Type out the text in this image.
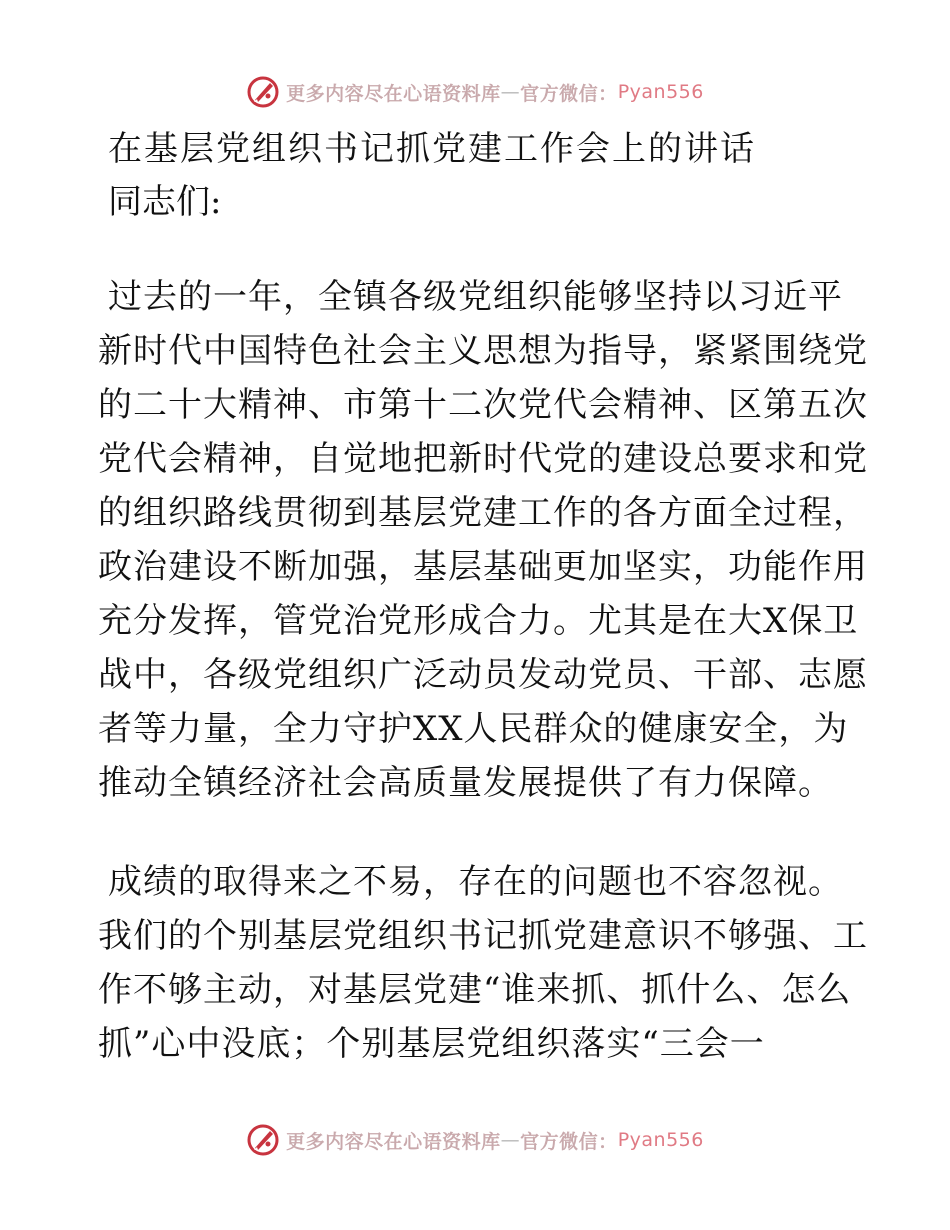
更多内容尽在心语资料库 — 官方微信： Pyan556
在基层党组织书记抓党建工作会上的讲话

同志们:

过去的一年，全镇各级党组织能够坚持以习近平
新时代中国特色社会主义思想为指导，紧紧围绕党
的二十大精神、市第十二次党代会精神、区第五次
党代会精神，自觉地把新时代党的建设总要求和党
的组织路线贯彻到基层党建工作的各方面全过程，
政治建设不断加强，基层基础更加坚实，功能作用
充分发挥，管党治党形成合力。尤其是在大X保卫
战中，各级党组织广泛动员发动党员、干部、志愿
者等力量，全力守护XX人民群众的健康安全，为
推动全镇经济社会高质量发展提供了有力保障。
成绩的取得来之不易，存在的问题也不容忽视。
我们的个别基层党组织书记抓党建意识不够强、工
作不够主动，对基层党建“谁来抓、抓什么、怎么
抓”心中没底；个别基层党组织落实“三会一
更多内容尽在心语资料库 — 官方微信： Pyan556
